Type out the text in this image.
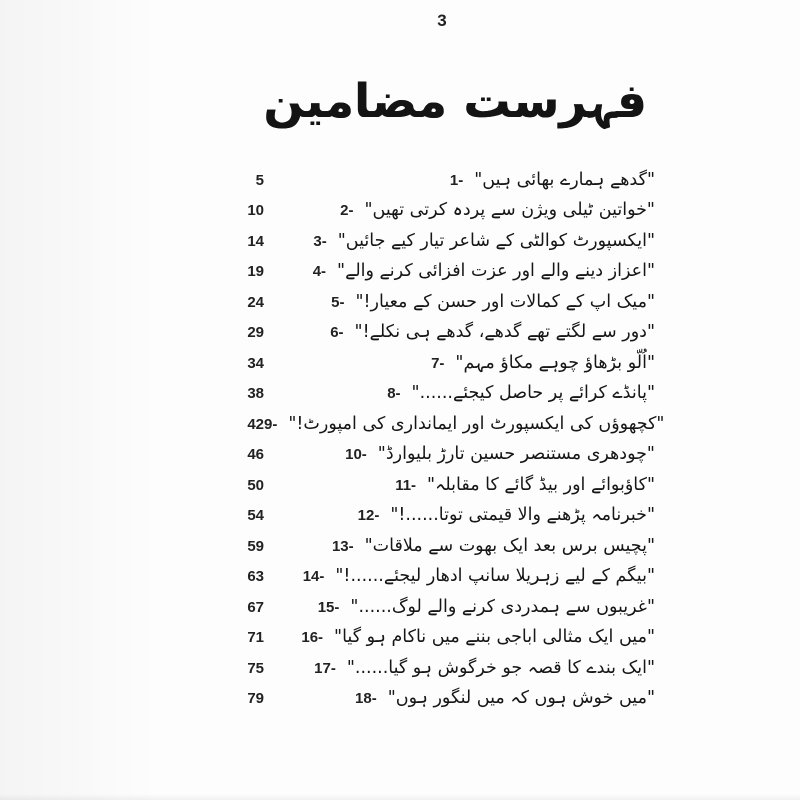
3
فہرست مضامین
5	1- "گدھے ہمارے بھائی ہیں"
10	2- "خواتین ٹیلی ویژن سے پردہ کرتی تھیں"
14	3- "ایکسپورٹ کوالٹی کے شاعر تیار کیے جائیں"
19	4- "اعزاز دینے والے اور عزت افزائی کرنے والے"
24	5- "میک اپ کے کمالات اور حسن کے معیار!"
29	6- "دور سے لگتے تھے گدھے، گدھے ہی نکلے!"
34	7- "اُلّو بڑھاؤ چوہے مکاؤ مہم"
38	8- "پانڈے کرائے پر حاصل کیجئے......"
42 9- "کچھوؤں کی ایکسپورٹ اور ایمانداری کی امپورٹ!"
46	10- "چودھری مستنصر حسین تارڑ بلیوارڈ"
50	11- "کاؤبوائے اور بیڈ گائے کا مقابلہ"
54	12- "خبرنامہ پڑھنے والا قیمتی توتا......!"
59	13- "پچیس برس بعد ایک بھوت سے ملاقات"
63	14- "بیگم کے لیے زہریلا سانپ ادھار لیجئے......!"
67	15- "غریبوں سے ہمدردی کرنے والے لوگ......"
71 16- "میں ایک مثالی اباجی بننے میں ناکام ہو گیا"
75	17- "ایک بندے کا قصہ جو خرگوش ہو گیا......"
79	18- "میں خوش ہوں کہ میں لنگور ہوں"
